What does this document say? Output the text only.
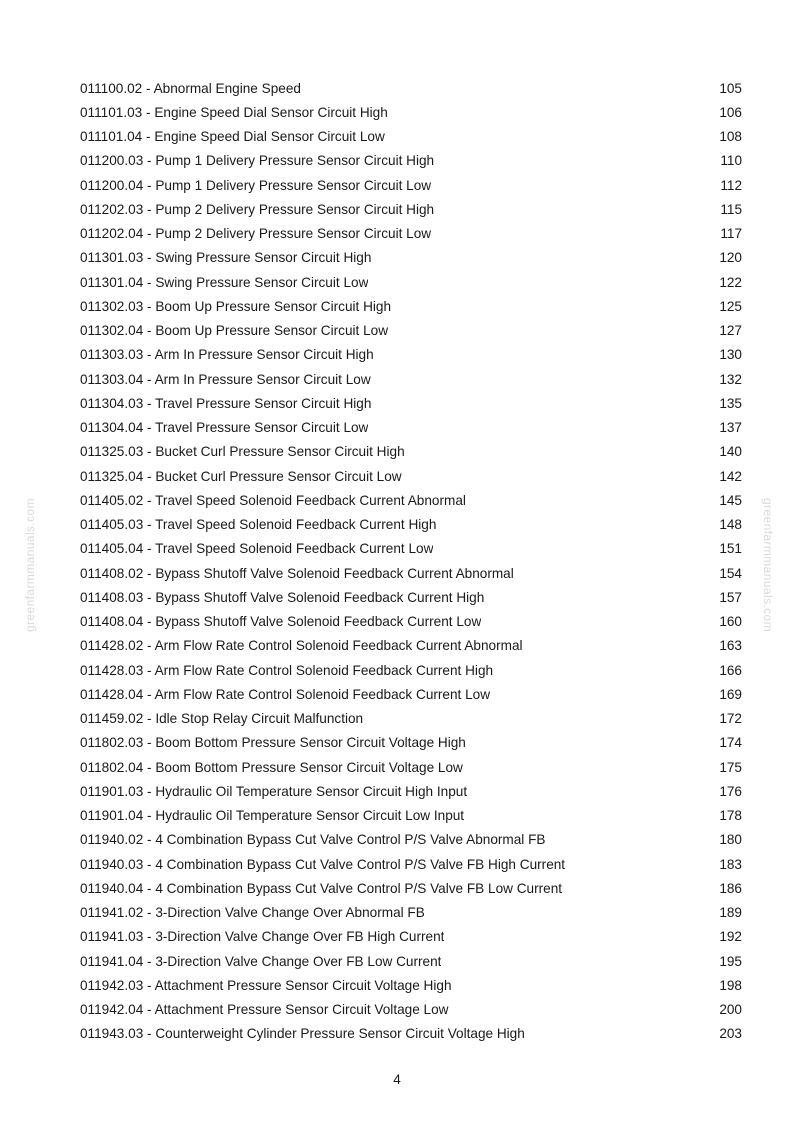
greenfarmmanuals.com	greenfarmmanuals.com
011100.02 - Abnormal Engine Speed	105
011101.03 - Engine Speed Dial Sensor Circuit High	106
011101.04 - Engine Speed Dial Sensor Circuit Low	108
011200.03 - Pump 1 Delivery Pressure Sensor Circuit High	110
011200.04 - Pump 1 Delivery Pressure Sensor Circuit Low	112
011202.03 - Pump 2 Delivery Pressure Sensor Circuit High	115
011202.04 - Pump 2 Delivery Pressure Sensor Circuit Low	117
011301.03 - Swing Pressure Sensor Circuit High	120
011301.04 - Swing Pressure Sensor Circuit Low	122
011302.03 - Boom Up Pressure Sensor Circuit High	125
011302.04 - Boom Up Pressure Sensor Circuit Low	127
011303.03 - Arm In Pressure Sensor Circuit High	130
011303.04 - Arm In Pressure Sensor Circuit Low	132
011304.03 - Travel Pressure Sensor Circuit High	135
011304.04 - Travel Pressure Sensor Circuit Low	137
011325.03 - Bucket Curl Pressure Sensor Circuit High	140
011325.04 - Bucket Curl Pressure Sensor Circuit Low	142
011405.02 - Travel Speed Solenoid Feedback Current Abnormal	145
011405.03 - Travel Speed Solenoid Feedback Current High	148
011405.04 - Travel Speed Solenoid Feedback Current Low	151
011408.02 - Bypass Shutoff Valve Solenoid Feedback Current Abnormal	154
011408.03 - Bypass Shutoff Valve Solenoid Feedback Current High	157
011408.04 - Bypass Shutoff Valve Solenoid Feedback Current Low	160
011428.02 - Arm Flow Rate Control Solenoid Feedback Current Abnormal	163
011428.03 - Arm Flow Rate Control Solenoid Feedback Current High	166
011428.04 - Arm Flow Rate Control Solenoid Feedback Current Low	169
011459.02 - Idle Stop Relay Circuit Malfunction	172
011802.03 - Boom Bottom Pressure Sensor Circuit Voltage High	174
011802.04 - Boom Bottom Pressure Sensor Circuit Voltage Low	175
011901.03 - Hydraulic Oil Temperature Sensor Circuit High Input	176
011901.04 - Hydraulic Oil Temperature Sensor Circuit Low Input	178
011940.02 - 4 Combination Bypass Cut Valve Control P/S Valve Abnormal FB	180
011940.03 - 4 Combination Bypass Cut Valve Control P/S Valve FB High Current	183
011940.04 - 4 Combination Bypass Cut Valve Control P/S Valve FB Low Current	186
011941.02 - 3-Direction Valve Change Over Abnormal FB	189
011941.03 - 3-Direction Valve Change Over FB High Current	192
011941.04 - 3-Direction Valve Change Over FB Low Current	195
011942.03 - Attachment Pressure Sensor Circuit Voltage High	198
011942.04 - Attachment Pressure Sensor Circuit Voltage Low	200
011943.03 - Counterweight Cylinder Pressure Sensor Circuit Voltage High	203
4
